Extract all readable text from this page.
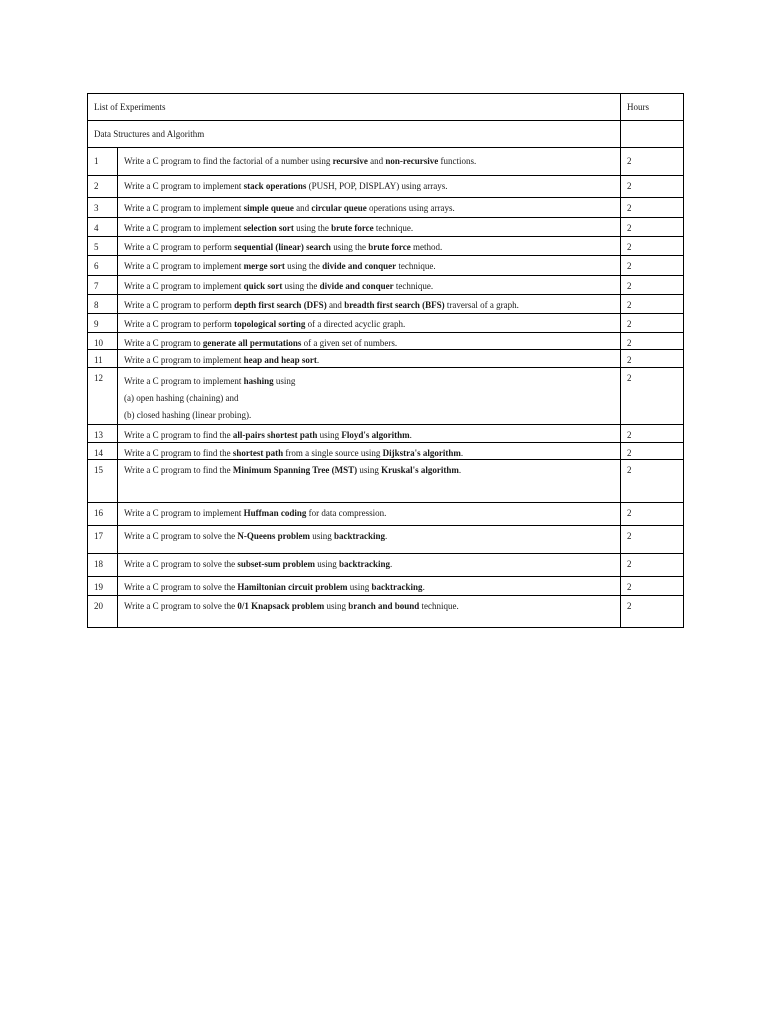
List of Experiments		Hours
Data Structures and Algorithm		
1	Write a C program to find the factorial of a number using recursive and non-recursive functions.	2
2	Write a C program to implement stack operations (PUSH, POP, DISPLAY) using arrays.	2
3	Write a C program to implement simple queue and circular queue operations using arrays.	2
4	Write a C program to implement selection sort using the brute force technique.	2
5	Write a C program to perform sequential (linear) search using the brute force method.	2
6	Write a C program to implement merge sort using the divide and conquer technique.	2
7	Write a C program to implement quick sort using the divide and conquer technique.	2
8	Write a C program to perform depth first search (DFS) and breadth first search (BFS) traversal of a graph.	2
9	Write a C program to perform topological sorting of a directed acyclic graph.	2
10	Write a C program to generate all permutations of a given set of numbers.	2
11	Write a C program to implement heap and heap sort.	2
12	Write a C program to implement hashing using
(a) open hashing (chaining) and
(b) closed hashing (linear probing).	2
13	Write a C program to find the all-pairs shortest path using Floyd's algorithm.	2
14	Write a C program to find the shortest path from a single source using Dijkstra's algorithm.	2
15	Write a C program to find the Minimum Spanning Tree (MST) using Kruskal's algorithm.	2
16	Write a C program to implement Huffman coding for data compression.	2
17	Write a C program to solve the N-Queens problem using backtracking.	2
18	Write a C program to solve the subset-sum problem using backtracking.	2
19	Write a C program to solve the Hamiltonian circuit problem using backtracking.	2
20	Write a C program to solve the 0/1 Knapsack problem using branch and bound technique.	2
